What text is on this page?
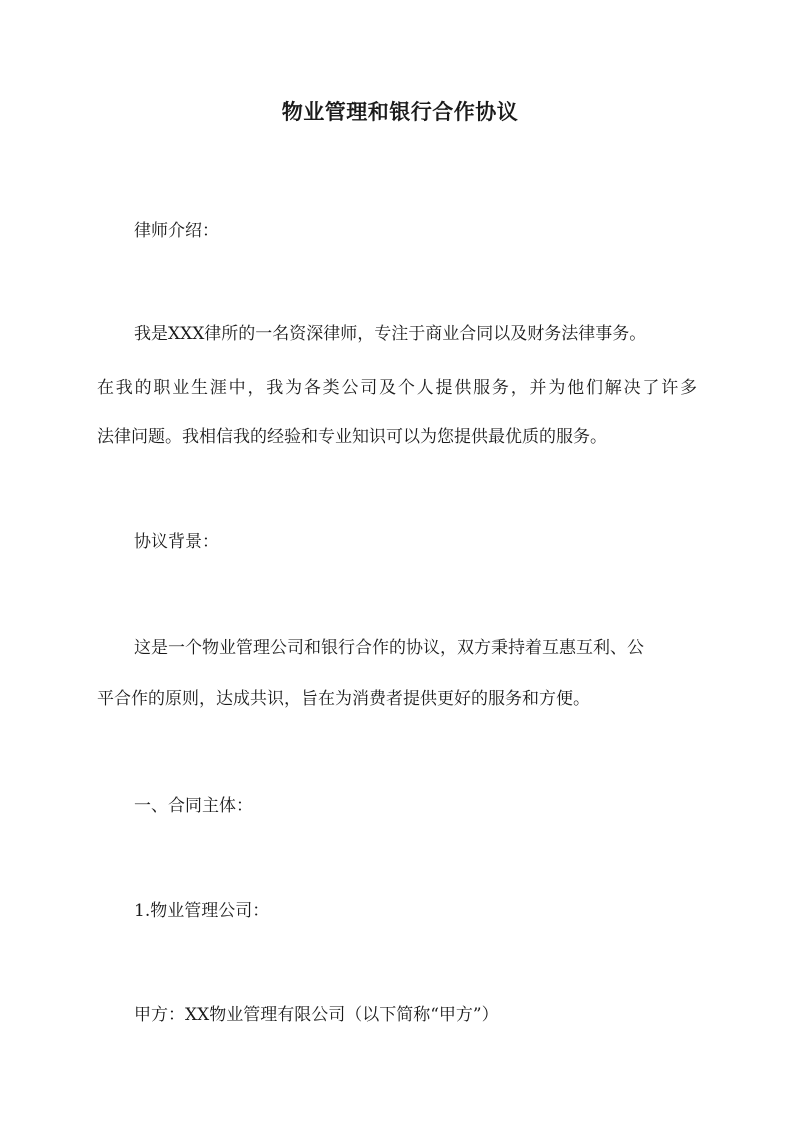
物业管理和银行合作协议
律师介绍：
我是XXX律所的一名资深律师，专注于商业合同以及财务法律事务。
在我的职业生涯中，我为各类公司及个人提供服务，并为他们解决了许多
法律问题。我相信我的经验和专业知识可以为您提供最优质的服务。
协议背景：
这是一个物业管理公司和银行合作的协议，双方秉持着互惠互利、公
平合作的原则，达成共识，旨在为消费者提供更好的服务和方便。
一、合同主体：
1.物业管理公司：
甲方：XX物业管理有限公司（以下简称“甲方”）
